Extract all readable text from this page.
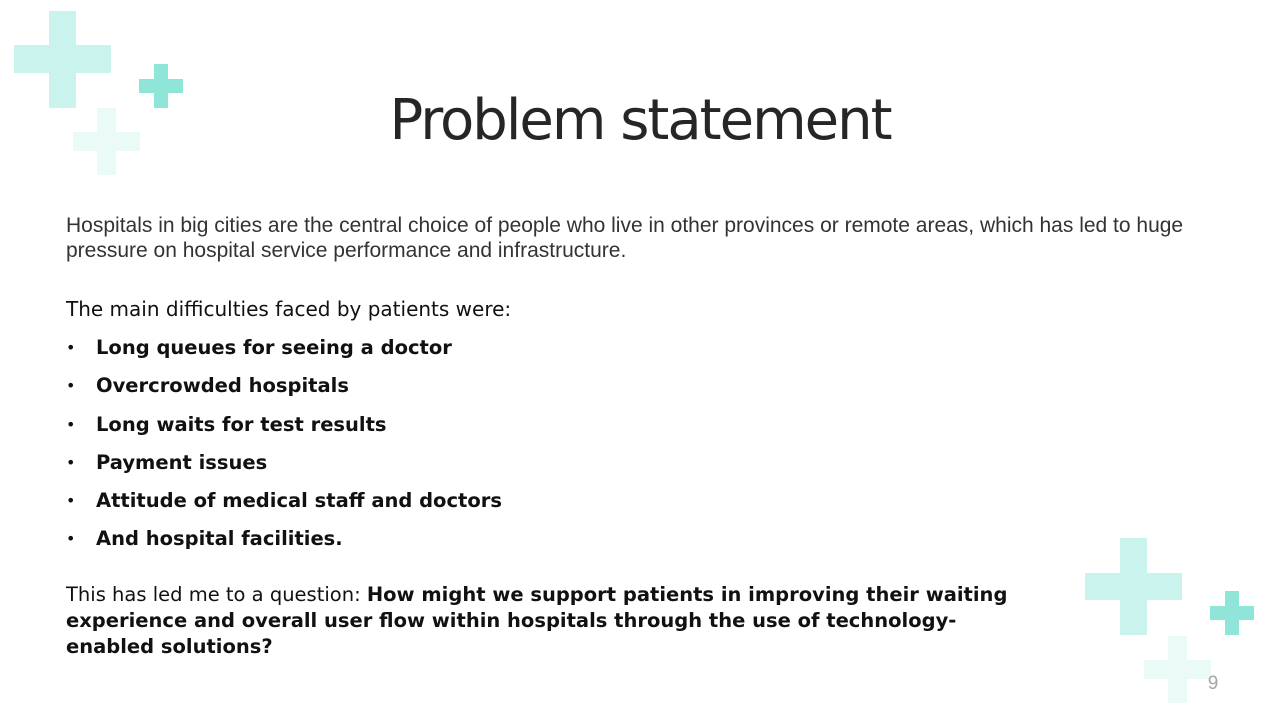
Problem statement

Hospitals in big cities are the central choice of people who live in other provinces or remote areas, which has led to huge pressure on hospital service performance and infrastructure.

The main difficulties faced by patients were:

• Long queues for seeing a doctor
• Overcrowded hospitals
• Long waits for test results
• Payment issues
• Attitude of medical staff and doctors
• And hospital facilities.

This has led me to a question: How might we support patients in improving their waiting experience and overall user flow within hospitals through the use of technology-enabled solutions?

9
